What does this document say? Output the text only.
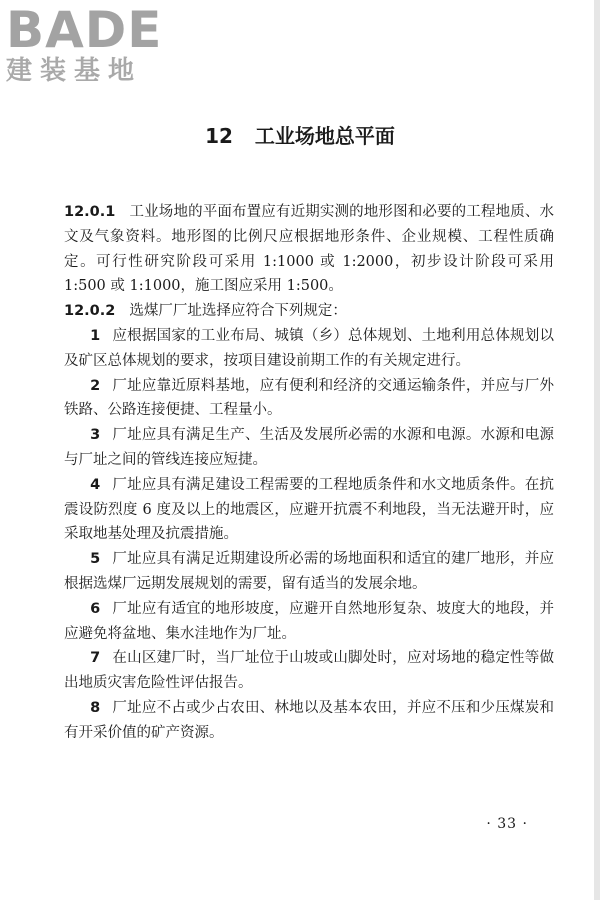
BADE
建装基地
12 工业场地总平面

12.0.1 工业场地的平面布置应有近期实测的地形图和必要的工程地质、水文及气象资料。地形图的比例尺应根据地形条件、企业规模、工程性质确定。可行性研究阶段可采用 1:1000 或 1:2000，初步设计阶段可采用 1:500 或 1:1000，施工图应采用 1:500。

12.0.2 选煤厂厂址选择应符合下列规定：

1 应根据国家的工业布局、城镇（乡）总体规划、土地利用总体规划以及矿区总体规划的要求，按项目建设前期工作的有关规定进行。

2 厂址应靠近原料基地，应有便利和经济的交通运输条件，并应与厂外铁路、公路连接便捷、工程量小。

3 厂址应具有满足生产、生活及发展所必需的水源和电源。水源和电源与厂址之间的管线连接应短捷。

4 厂址应具有满足建设工程需要的工程地质条件和水文地质条件。在抗震设防烈度 6 度及以上的地震区，应避开抗震不利地段，当无法避开时，应采取地基处理及抗震措施。

5 厂址应具有满足近期建设所必需的场地面积和适宜的建厂地形，并应根据选煤厂远期发展规划的需要，留有适当的发展余地。

6 厂址应有适宜的地形坡度，应避开自然地形复杂、坡度大的地段，并应避免将盆地、集水洼地作为厂址。

7 在山区建厂时，当厂址位于山坡或山脚处时，应对场地的稳定性等做出地质灾害危险性评估报告。

8 厂址应不占或少占农田、林地以及基本农田，并应不压和少压煤炭和有开采价值的矿产资源。

· 33 ·
